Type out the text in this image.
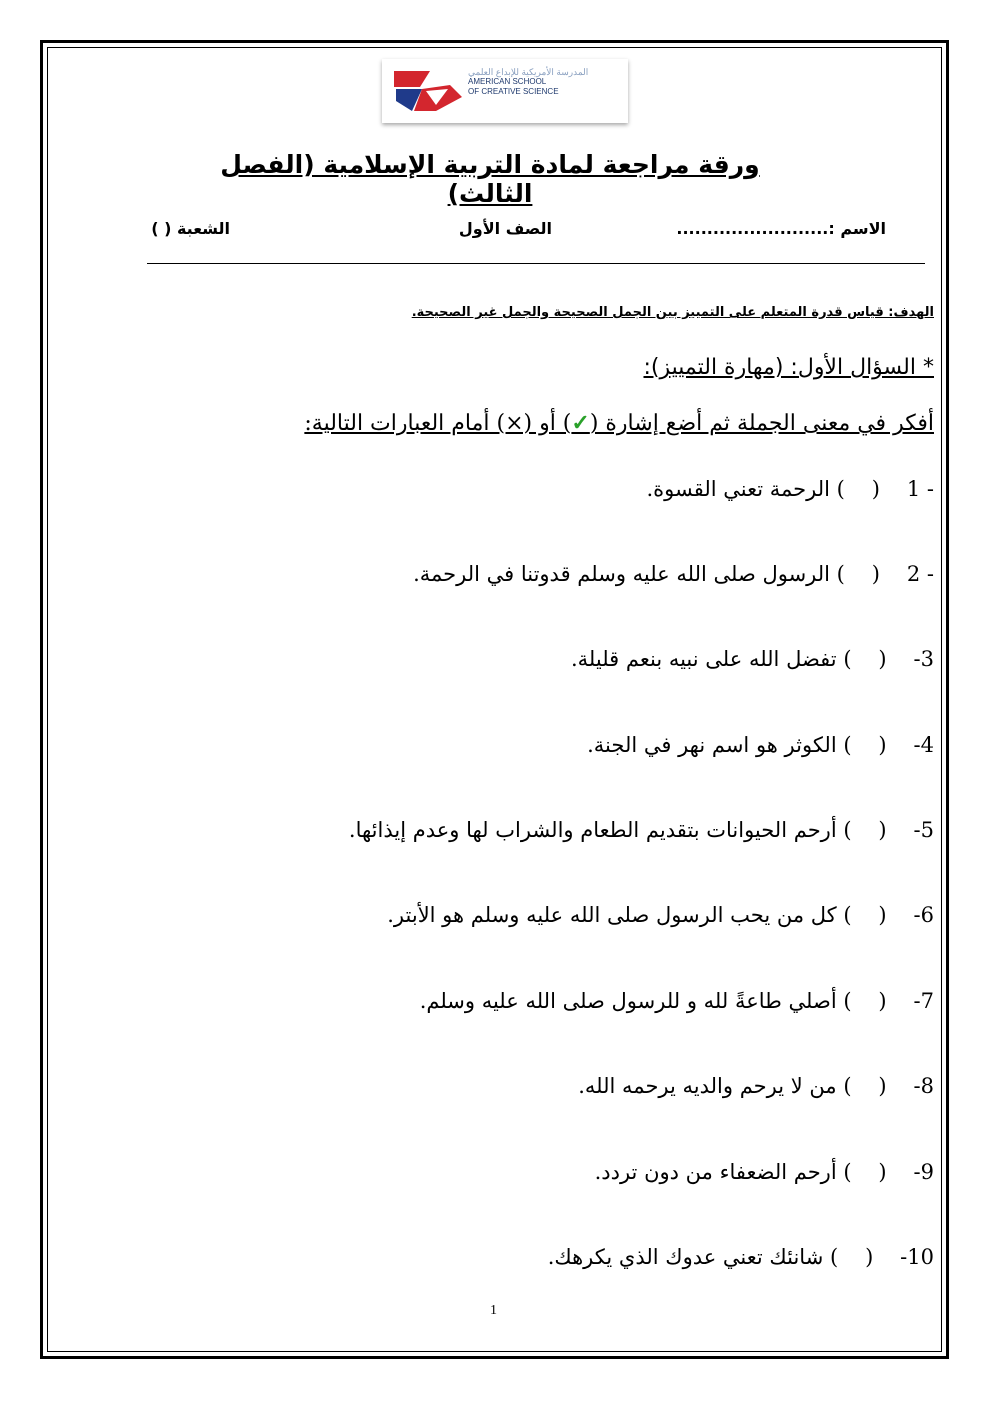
المدرسة الأمريكية للإبداع العلمي
AMERICAN SCHOOL
OF CREATIVE SCIENCE
ورقة مراجعة لمادة التربية الإسلامية (الفصل الثالث)
الاسم :.........................
الصف الأول
الشعبة ( )
الهدف: قياس قدرة المتعلم على التمييز بين الجمل الصحيحة والجمل غير الصحيحة.
* السؤال الأول: (مهارة التمييز):
أفكر في معنى الجملة ثم أضع إشارة (✓) أو (×) أمام العبارات التالية:
1 -
(
) الرحمة تعني القسوة.
2 -
(
) الرسول صلى الله عليه وسلم قدوتنا في الرحمة.
-3
(
) تفضل الله على نبيه بنعم قليلة.
-4
(
) الكوثر هو اسم نهر في الجنة.
-5
(
) أرحم الحيوانات بتقديم الطعام والشراب لها وعدم إيذائها.
-6
(
) كل من يحب الرسول صلى الله عليه وسلم هو الأبتر.
-7
(
) أصلي طاعةً لله و للرسول صلى الله عليه وسلم.
-8
(
) من لا يرحم والديه يرحمه الله.
-9
(
) أرحم الضعفاء من دون تردد.
-10
(
) شانئك تعني عدوك الذي يكرهك.
1
